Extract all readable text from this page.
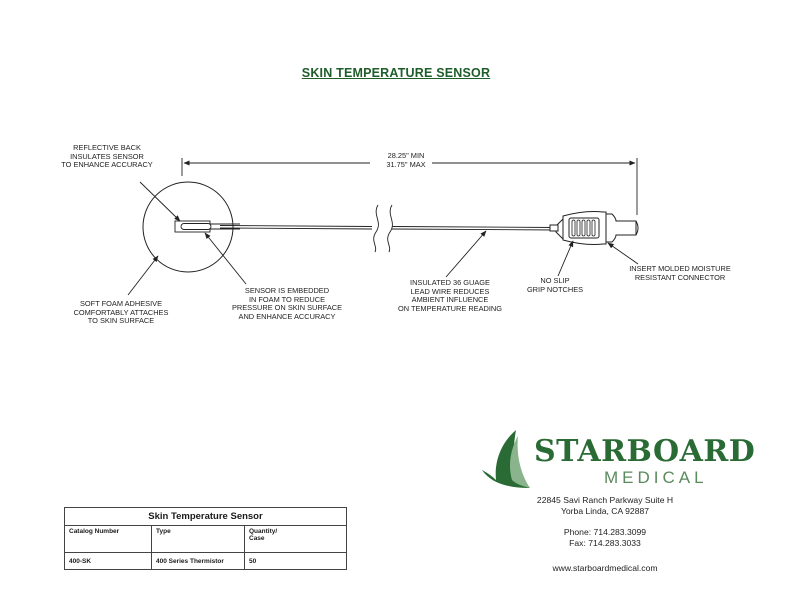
SKIN TEMPERATURE SENSOR
28.25" MIN
31.75" MAX
REFLECTIVE BACK
INSULATES SENSOR
TO ENHANCE ACCURACY
SOFT FOAM ADHESIVE
COMFORTABLY ATTACHES
TO SKIN SURFACE
SENSOR IS EMBEDDED
IN FOAM TO REDUCE
PRESSURE ON SKIN SURFACE
AND ENHANCE ACCURACY
INSULATED 36 GUAGE
LEAD WIRE REDUCES
AMBIENT INFLUENCE
ON TEMPERATURE READING
NO SLIP
GRIP NOTCHES
INSERT MOLDED MOISTURE
RESISTANT CONNECTOR
STARBOARD
MEDICAL
22845 Savi Ranch Parkway Suite H
Yorba Linda, CA 92887
Phone: 714.283.3099
Fax: 714.283.3033
www.starboardmedical.com
Skin Temperature Sensor		
Catalog Number	Type	Quantity/
Case
400-SK	400 Series Thermistor	50
